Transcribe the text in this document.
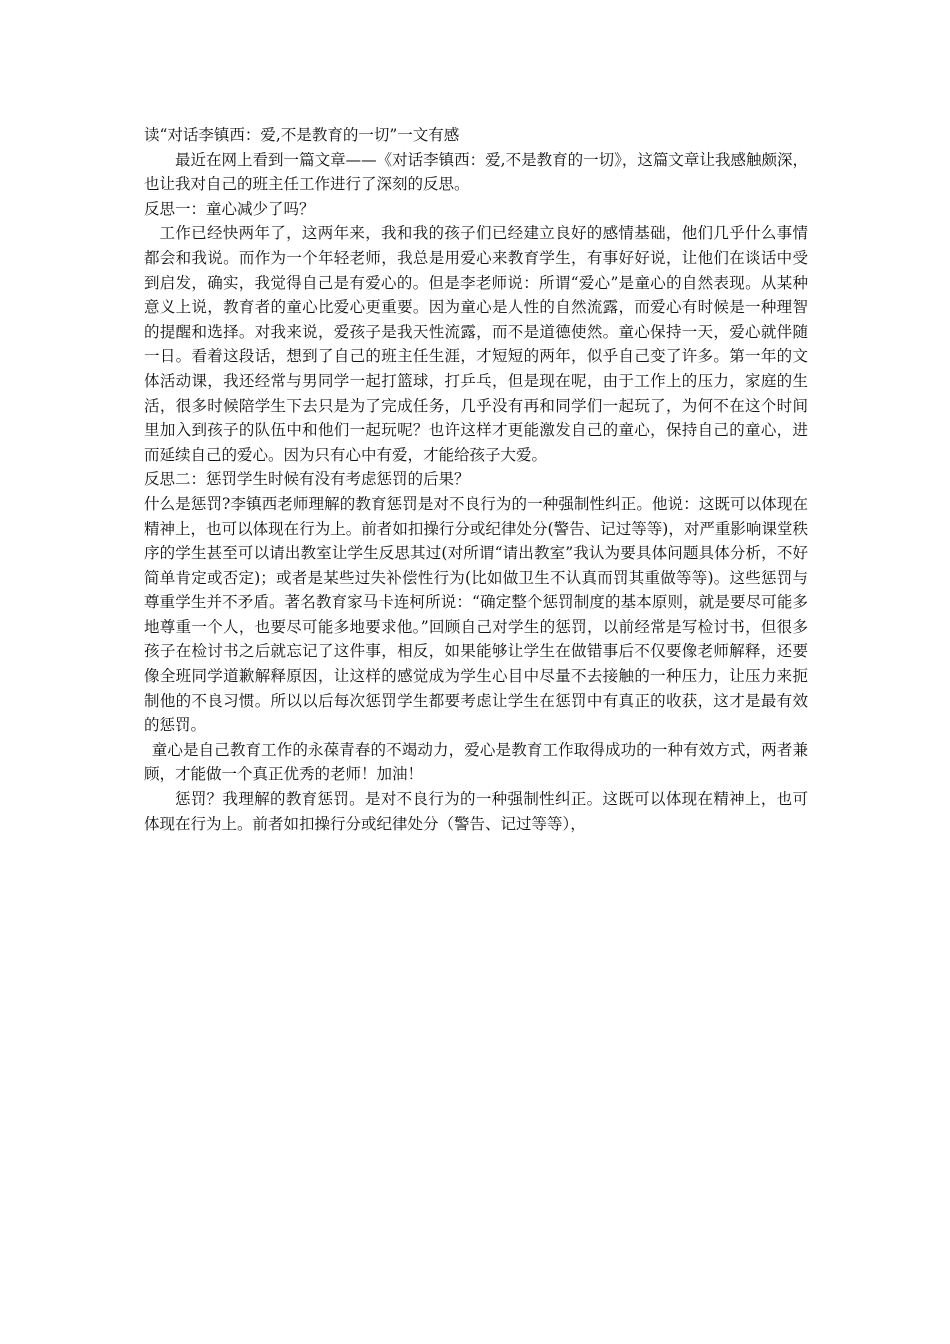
读“对话李镇西：爱,不是教育的一切”一文有感

最近在网上看到一篇文章——《对话李镇西：爱,不是教育的一切》，这篇文章让我感触颇深，也让我对自己的班主任工作进行了深刻的反思。

反思一：童心减少了吗？

工作已经快两年了，这两年来，我和我的孩子们已经建立良好的感情基础，他们几乎什么事情都会和我说。而作为一个年轻老师，我总是用爱心来教育学生，有事好好说，让他们在谈话中受到启发，确实，我觉得自己是有爱心的。但是李老师说：所谓“爱心”是童心的自然表现。从某种意义上说，教育者的童心比爱心更重要。因为童心是人性的自然流露，而爱心有时候是一种理智的提醒和选择。对我来说，爱孩子是我天性流露，而不是道德使然。童心保持一天，爱心就伴随一日。看着这段话，想到了自己的班主任生涯，才短短的两年，似乎自己变了许多。第一年的文体活动课，我还经常与男同学一起打篮球，打乒乓，但是现在呢，由于工作上的压力，家庭的生活，很多时候陪学生下去只是为了完成任务，几乎没有再和同学们一起玩了，为何不在这个时间里加入到孩子的队伍中和他们一起玩呢？也许这样才更能激发自己的童心，保持自己的童心，进而延续自己的爱心。因为只有心中有爱，才能给孩子大爱。

反思二：惩罚学生时候有没有考虑惩罚的后果？

什么是惩罚?李镇西老师理解的教育惩罚是对不良行为的一种强制性纠正。他说：这既可以体现在精神上，也可以体现在行为上。前者如扣操行分或纪律处分(警告、记过等等)，对严重影响课堂秩序的学生甚至可以请出教室让学生反思其过(对所谓“请出教室”我认为要具体问题具体分析，不好简单肯定或否定)；或者是某些过失补偿性行为(比如做卫生不认真而罚其重做等等)。这些惩罚与尊重学生并不矛盾。著名教育家马卡连柯所说：“确定整个惩罚制度的基本原则，就是要尽可能多地尊重一个人，也要尽可能多地要求他。”回顾自己对学生的惩罚，以前经常是写检讨书，但很多孩子在检讨书之后就忘记了这件事，相反，如果能够让学生在做错事后不仅要像老师解释，还要像全班同学道歉解释原因，让这样的感觉成为学生心目中尽量不去接触的一种压力，让压力来扼制他的不良习惯。所以以后每次惩罚学生都要考虑让学生在惩罚中有真正的收获，这才是最有效的惩罚。

童心是自己教育工作的永葆青春的不竭动力，爱心是教育工作取得成功的一种有效方式，两者兼顾，才能做一个真正优秀的老师！加油！

惩罚？我理解的教育惩罚。是对不良行为的一种强制性纠正。这既可以体现在精神上，也可体现在行为上。前者如扣操行分或纪律处分（警告、记过等等），
